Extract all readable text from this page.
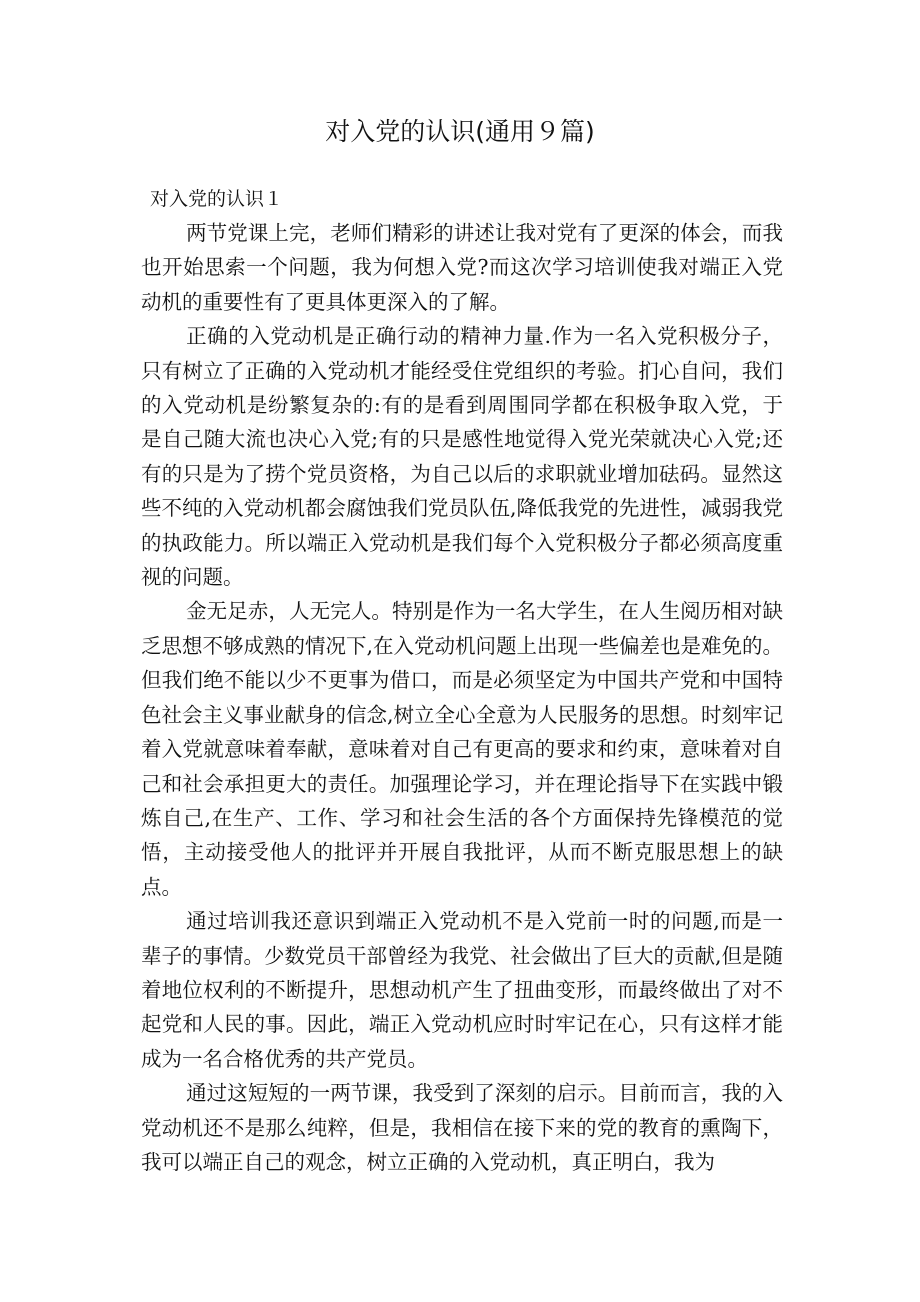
对入党的认识(通用９篇)
对入党的认识１

两节党课上完，老师们精彩的讲述让我对党有了更深的体会，而我也开始思索一个问题，我为何想入党?而这次学习培训使我对端正入党动机的重要性有了更具体更深入的了解。

正确的入党动机是正确行动的精神力量.作为一名入党积极分子，只有树立了正确的入党动机才能经受住党组织的考验。扪心自问，我们的入党动机是纷繁复杂的:有的是看到周围同学都在积极争取入党，于是自己随大流也决心入党;有的只是感性地觉得入党光荣就决心入党;还有的只是为了捞个党员资格，为自己以后的求职就业增加砝码。显然这些不纯的入党动机都会腐蚀我们党员队伍,降低我党的先进性，减弱我党的执政能力。所以端正入党动机是我们每个入党积极分子都必须高度重视的问题。

金无足赤，人无完人。特别是作为一名大学生，在人生阅历相对缺乏思想不够成熟的情况下,在入党动机问题上出现一些偏差也是难免的。但我们绝不能以少不更事为借口，而是必须坚定为中国共产党和中国特色社会主义事业献身的信念,树立全心全意为人民服务的思想。时刻牢记着入党就意味着奉献，意味着对自己有更高的要求和约束，意味着对自己和社会承担更大的责任。加强理论学习，并在理论指导下在实践中锻炼自己,在生产、工作、学习和社会生活的各个方面保持先锋模范的觉悟，主动接受他人的批评并开展自我批评，从而不断克服思想上的缺点。

通过培训我还意识到端正入党动机不是入党前一时的问题,而是一辈子的事情。少数党员干部曾经为我党、社会做出了巨大的贡献,但是随着地位权利的不断提升，思想动机产生了扭曲变形，而最终做出了对不起党和人民的事。因此，端正入党动机应时时牢记在心，只有这样才能成为一名合格优秀的共产党员。

通过这短短的一两节课，我受到了深刻的启示。目前而言，我的入党动机还不是那么纯粹，但是，我相信在接下来的党的教育的熏陶下，我可以端正自己的观念，树立正确的入党动机，真正明白，我为
